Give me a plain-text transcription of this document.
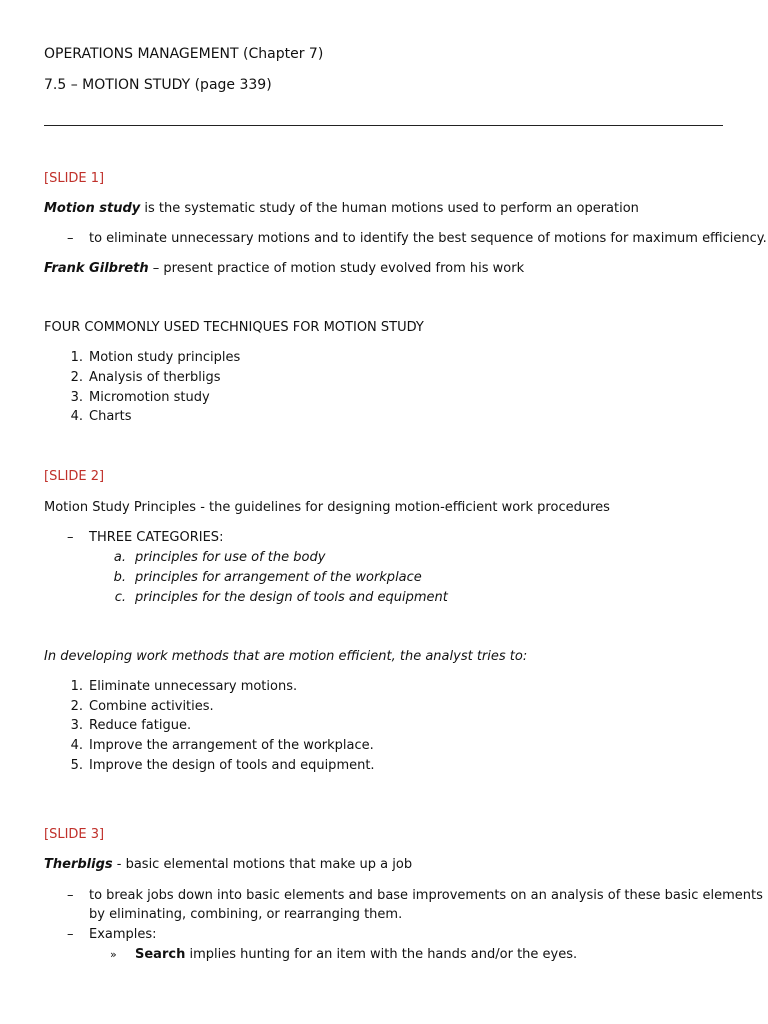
OPERATIONS MANAGEMENT (Chapter 7)
7.5 – MOTION STUDY (page 339)
[SLIDE 1]
Motion study is the systematic study of the human motions used to perform an operation
– to eliminate unnecessary motions and to identify the best sequence of motions for maximum efficiency.
Frank Gilbreth – present practice of motion study evolved from his work
FOUR COMMONLY USED TECHNIQUES FOR MOTION STUDY
1. Motion study principles
2. Analysis of therbligs
3. Micromotion study
4. Charts
[SLIDE 2]
Motion Study Principles - the guidelines for designing motion-efficient work procedures
– THREE CATEGORIES:
a. principles for use of the body
b. principles for arrangement of the workplace
c. principles for the design of tools and equipment
In developing work methods that are motion efficient, the analyst tries to:
1. Eliminate unnecessary motions.
2. Combine activities.
3. Reduce fatigue.
4. Improve the arrangement of the workplace.
5. Improve the design of tools and equipment.
[SLIDE 3]
Therbligs - basic elemental motions that make up a job
– to break jobs down into basic elements and base improvements on an analysis of these basic elements
by eliminating, combining, or rearranging them.
– Examples:
» Search implies hunting for an item with the hands and/or the eyes.
